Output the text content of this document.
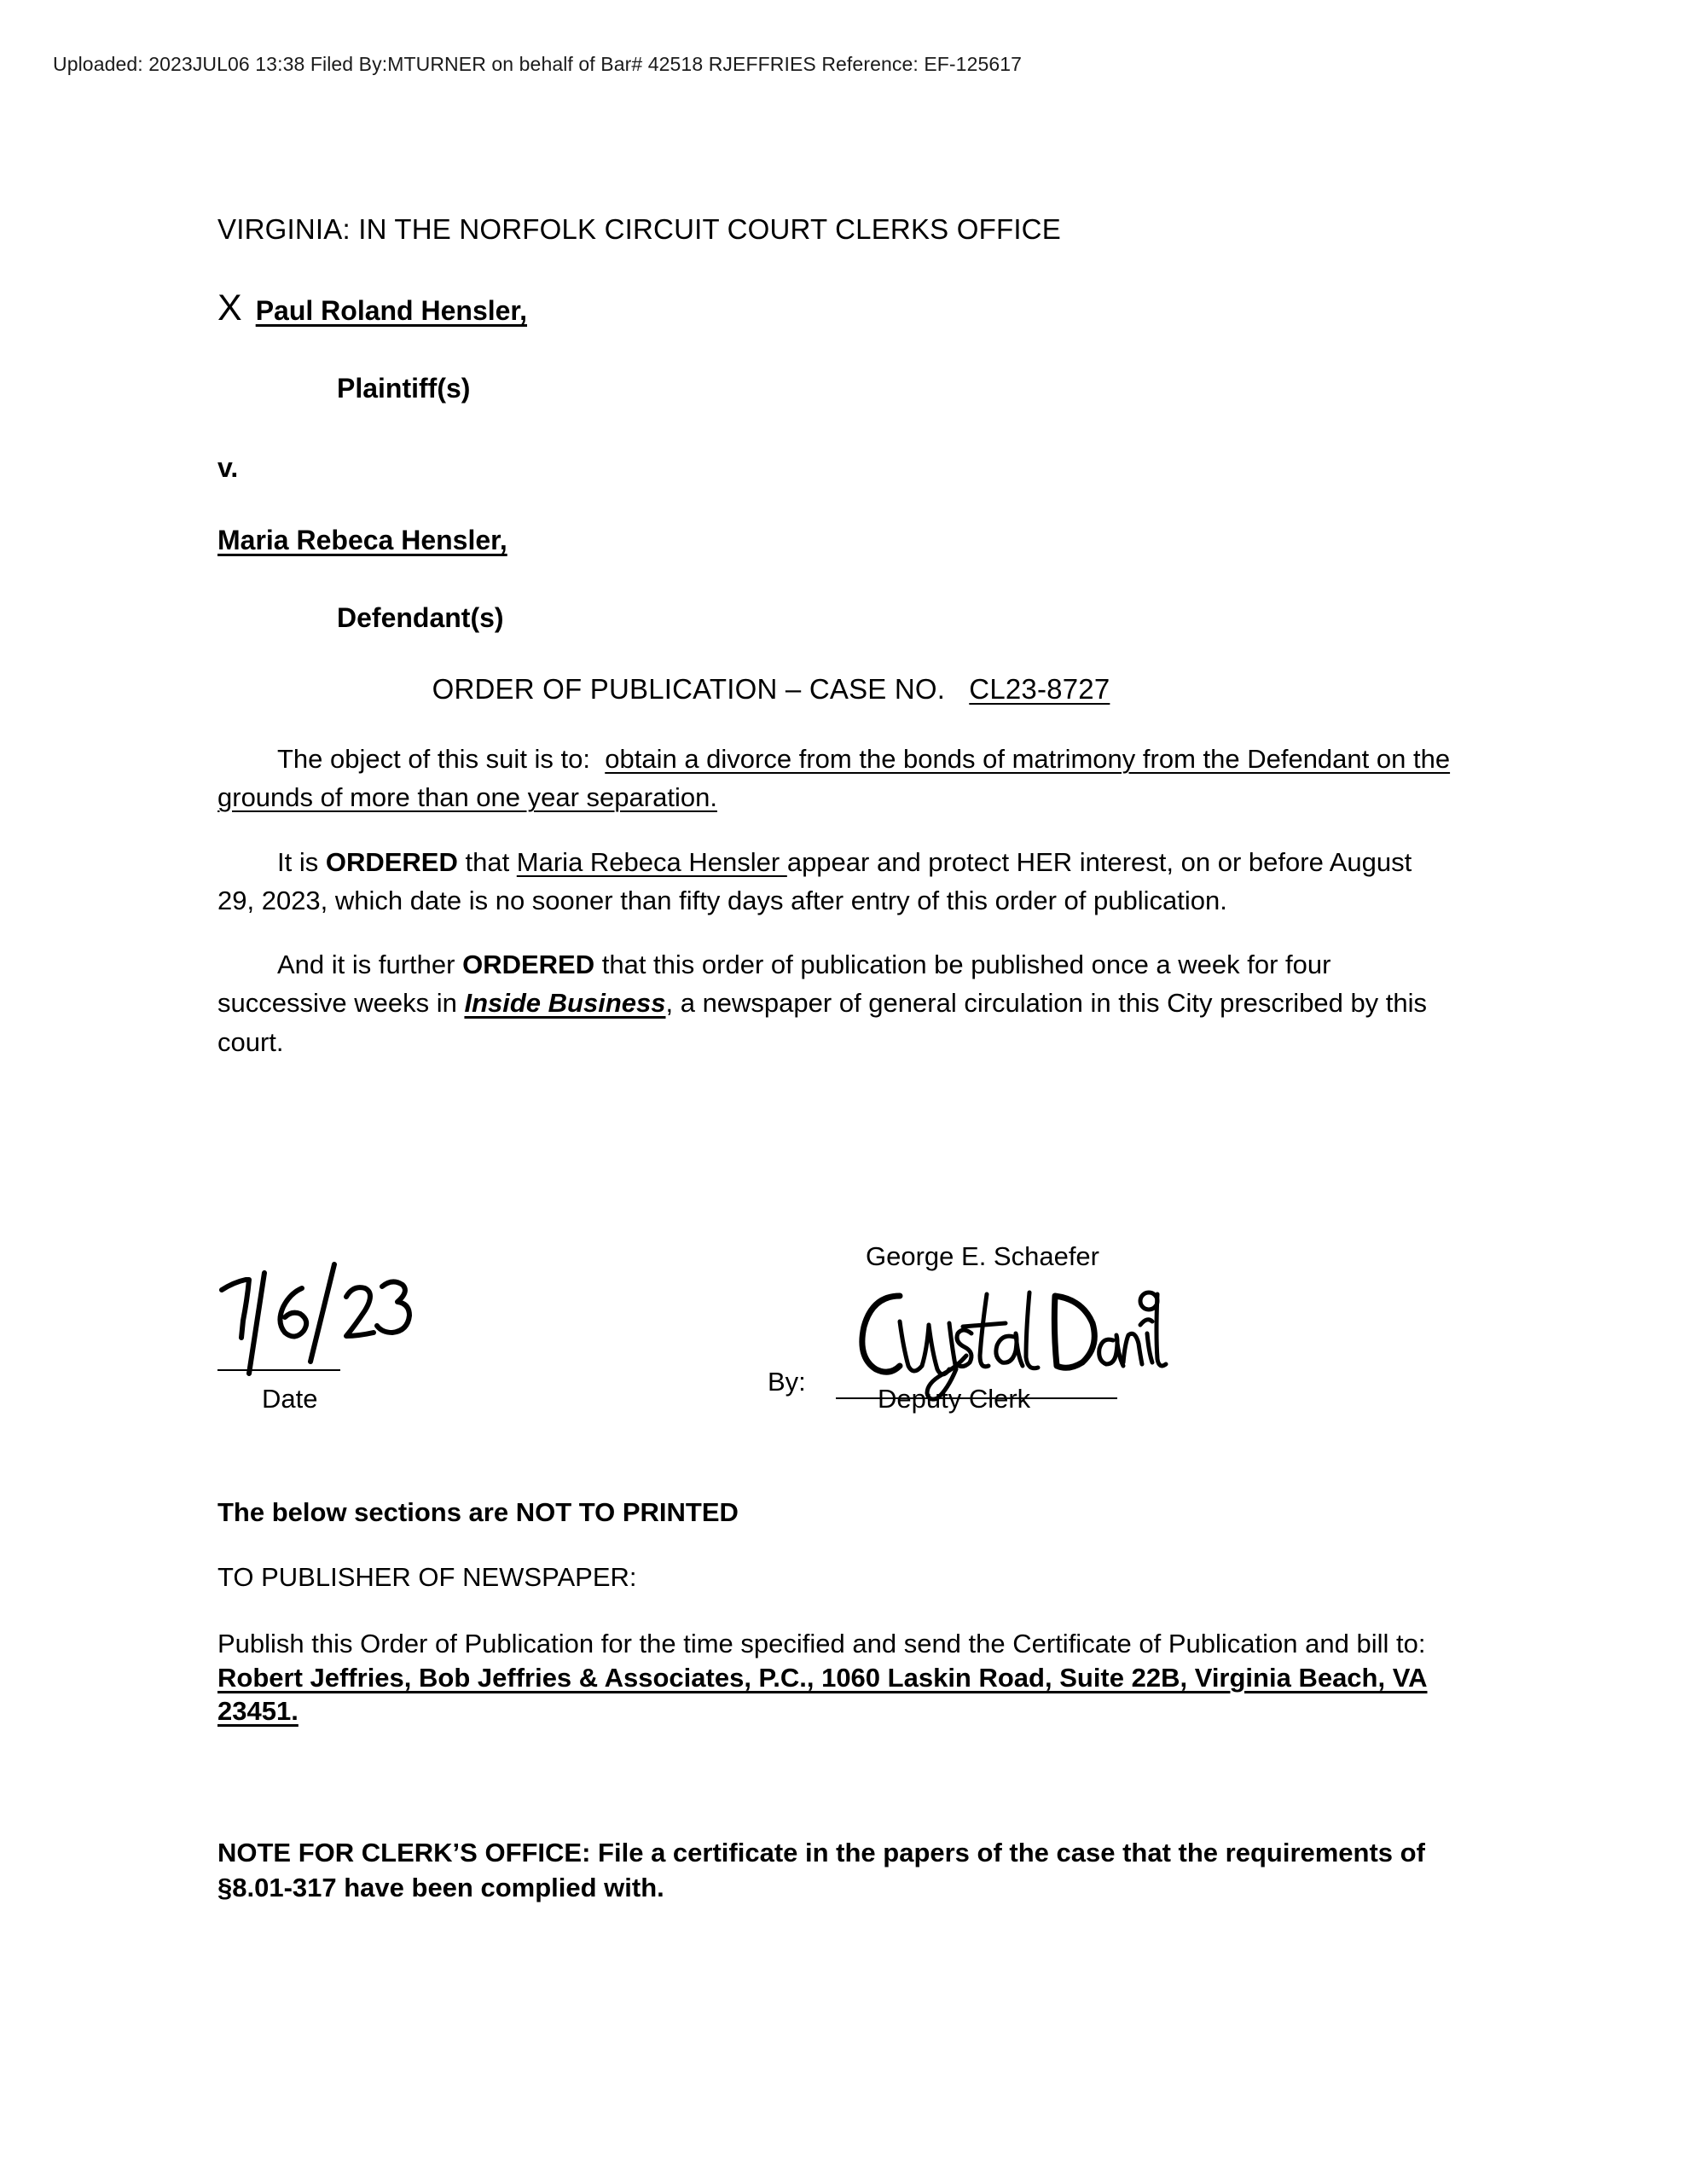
Uploaded: 2023JUL06 13:38 Filed By:MTURNER on behalf of Bar# 42518 RJEFFRIES Reference: EF-125617
VIRGINIA: IN THE NORFOLK CIRCUIT COURT CLERKS OFFICE
X Paul Roland Hensler,
Plaintiff(s)
v.
Maria Rebeca Hensler,
Defendant(s)
ORDER OF PUBLICATION – CASE NO. CL23-8727

The object of this suit is to: obtain a divorce from the bonds of matrimony from the Defendant on the grounds of more than one year separation.

It is ORDERED that Maria Rebeca Hensler appear and protect HER interest, on or before August 29, 2023, which date is no sooner than fifty days after entry of this order of publication.

And it is further ORDERED that this order of publication be published once a week for four successive weeks in Inside Business, a newspaper of general circulation in this City prescribed by this court.

George E. Schaefer
Date
By:
Deputy Clerk
The below sections are NOT TO PRINTED
TO PUBLISHER OF NEWSPAPER:

Publish this Order of Publication for the time specified and send the Certificate of Publication and bill to: Robert Jeffries, Bob Jeffries & Associates, P.C., 1060 Laskin Road, Suite 22B, Virginia Beach, VA 23451.

NOTE FOR CLERK’S OFFICE: File a certificate in the papers of the case that the requirements of §8.01-317 have been complied with.
